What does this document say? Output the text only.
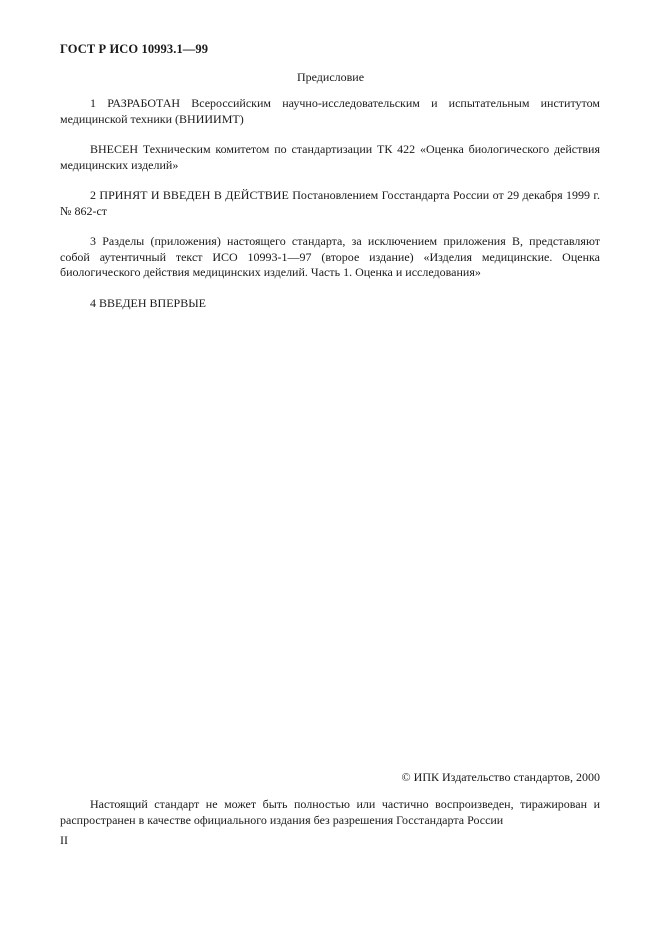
ГОСТ Р ИСО 10993.1—99
Предисловие

1 РАЗРАБОТАН Всероссийским научно-исследовательским и испытательным институтом медицинской техники (ВНИИИМТ)

ВНЕСЕН Техническим комитетом по стандартизации ТК 422 «Оценка биологического действия медицинских изделий»

2 ПРИНЯТ И ВВЕДЕН В ДЕЙСТВИЕ Постановлением Госстандарта России от 29 декабря 1999 г. № 862-ст

3 Разделы (приложения) настоящего стандарта, за исключением приложения В, представляют собой аутентичный текст ИСО 10993-1—97 (второе издание) «Изделия медицинские. Оценка биологического действия медицинских изделий. Часть 1. Оценка и исследования»

4 ВВЕДЕН ВПЕРВЫЕ

© ИПК Издательство стандартов, 2000

Настоящий стандарт не может быть полностью или частично воспроизведен, тиражирован и распространен в качестве официального издания без разрешения Госстандарта России

II
